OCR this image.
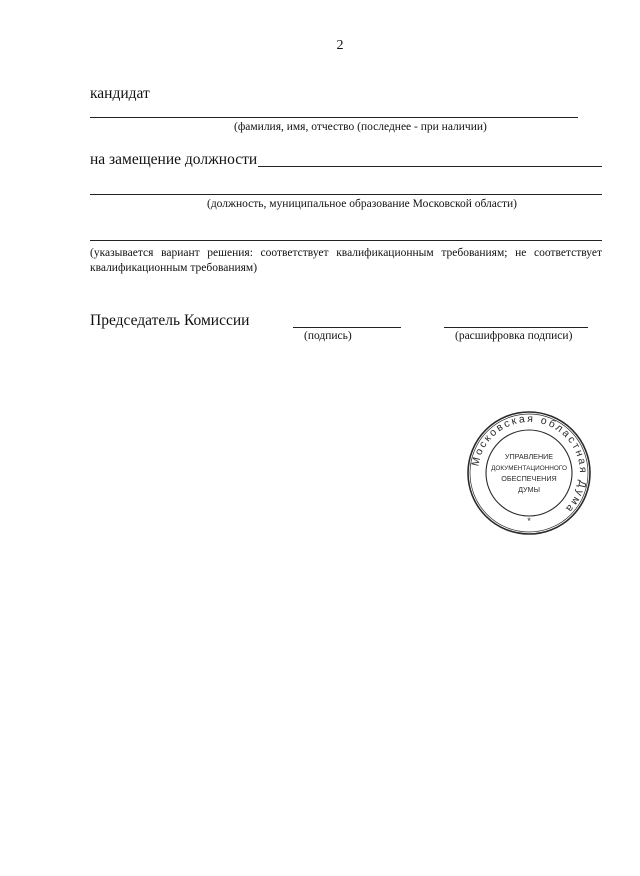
2
кандидат
(фамилия, имя, отчество (последнее - при наличии)
на замещение должности
(должность, муниципальное образование Московской области)
(указывается вариант решения: соответствует квалификационным требованиям; не соответствует квалификационным требованиям)
Председатель Комиссии
(подпись)	(расшифровка подписи)
Московская областная Дума
УПРАВЛЕНИЕ
ДОКУМЕНТАЦИОННОГО
ОБЕСПЕЧЕНИЯ
ДУМЫ
*
